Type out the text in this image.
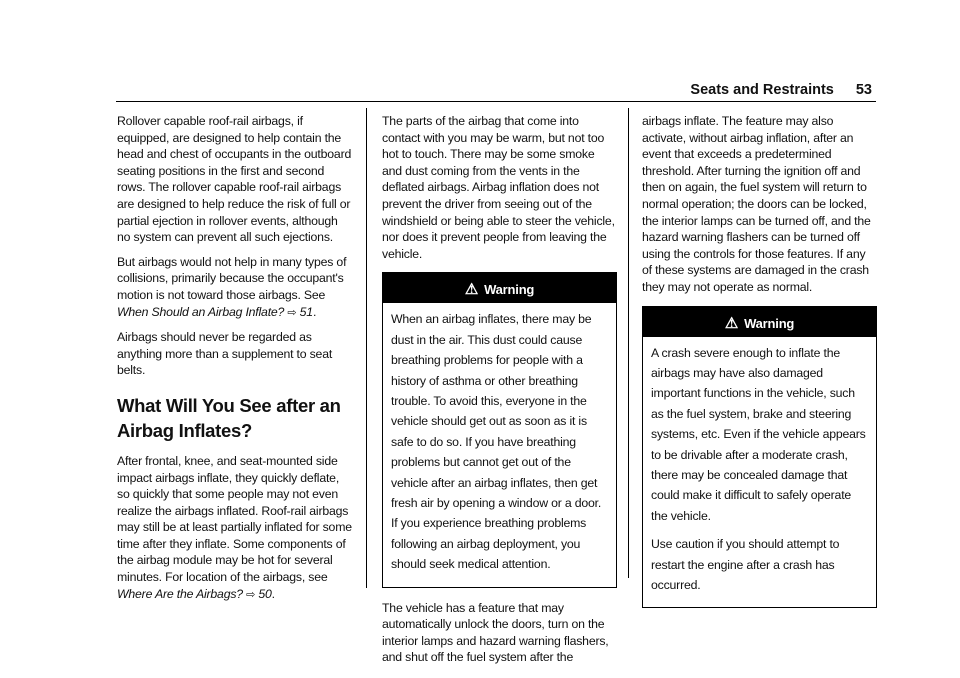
Seats and Restraints 53

Rollover capable roof-rail airbags, if equipped, are designed to help contain the head and chest of occupants in the outboard seating positions in the first and second rows. The rollover capable roof-rail airbags are designed to help reduce the risk of full or partial ejection in rollover events, although no system can prevent all such ejections.

But airbags would not help in many types of collisions, primarily because the occupant's motion is not toward those airbags. See When Should an Airbag Inflate? ⇨ 51.

Airbags should never be regarded as anything more than a supplement to seat belts.

What Will You See after an Airbag Inflates?

After frontal, knee, and seat-mounted side impact airbags inflate, they quickly deflate, so quickly that some people may not even realize the airbags inflated. Roof-rail airbags may still be at least partially inflated for some time after they inflate. Some components of the airbag module may be hot for several minutes. For location of the airbags, see Where Are the Airbags? ⇨ 50.

The parts of the airbag that come into contact with you may be warm, but not too hot to touch. There may be some smoke and dust coming from the vents in the deflated airbags. Airbag inflation does not prevent the driver from seeing out of the windshield or being able to steer the vehicle, nor does it prevent people from leaving the vehicle.

⚠ Warning

When an airbag inflates, there may be dust in the air. This dust could cause breathing problems for people with a history of asthma or other breathing trouble. To avoid this, everyone in the vehicle should get out as soon as it is safe to do so. If you have breathing problems but cannot get out of the vehicle after an airbag inflates, then get fresh air by opening a window or a door. If you experience breathing problems following an airbag deployment, you should seek medical attention.

The vehicle has a feature that may automatically unlock the doors, turn on the interior lamps and hazard warning flashers, and shut off the fuel system after the

airbags inflate. The feature may also activate, without airbag inflation, after an event that exceeds a predetermined threshold. After turning the ignition off and then on again, the fuel system will return to normal operation; the doors can be locked, the interior lamps can be turned off, and the hazard warning flashers can be turned off using the controls for those features. If any of these systems are damaged in the crash they may not operate as normal.

⚠ Warning

A crash severe enough to inflate the airbags may have also damaged important functions in the vehicle, such as the fuel system, brake and steering systems, etc. Even if the vehicle appears to be drivable after a moderate crash, there may be concealed damage that could make it difficult to safely operate the vehicle.

Use caution if you should attempt to restart the engine after a crash has occurred.
